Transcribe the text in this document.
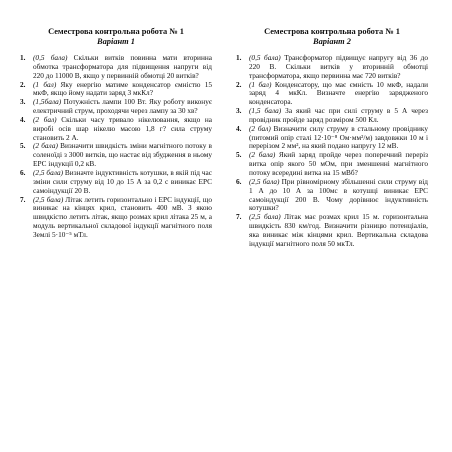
Семестрова контрольна робота № 1
Варіант 1
1. (0,5 бала) Скільки витків повинна мати вторинна обмотка трансформатора для підвищення напруги від 220 до 11000 В, якщо у первинній обмотці 20 витків?
2. (1 бал) Яку енергію матиме конденсатор ємністю 15 мкФ, якщо йому надати заряд 3 мкКл?
3. (1,5бала) Потужність лампи 100 Вт. Яку роботу виконує електричний струм, проходячи через лампу за 30 хв?
4. (2 бал) Скільки часу тривало нікелювання, якщо на виробі осів шар нікелю масою 1,8 г? сила струму становить 2 А.
5. (2 бала) Визначити швидкість зміни магнітного потоку в соленоїді з 3000 витків, що настає від збудження в ньому ЕРС індукції 0,2 кВ.
6. (2,5 бала) Визначте індуктивність котушки, в якій під час зміни сили струму від 10 до 15 А за 0,2 с виникає ЕРС самоіндукції 20 В.
7. (2,5 бала) Літак летить горизонтально і ЕРС індукції, що виникає на кінцях крил, становить 400 мВ. З якою швидкістю летить літак, якщо розмах крил літака 25 м, а модуль вертикальної складової індукції магнітного поля Землі 5·10⁻⁵ мТл.
Семестрова контрольна робота № 1
Варіант 2
1. (0,5 бала) Трансформатор підвищує напругу від 36 до 220 В. Скільки витків у вторинній обмотці трансформатора, якщо первинна має 720 витків?
2. (1 бал) Конденсатору, що має ємність 10 мкФ, надали заряд 4 мкКл. Визначте енергію зарядженого конденсатора.
3. (1,5 бала) За який час при силі струму в 5 А через провідник пройде заряд розміром 500 Кл.
4. (2 бал) Визначити силу струму в стальному провіднику (питомий опір сталі 12·10⁻⁸ Ом·мм²/м) завдовжки 10 м і перерізом 2 мм², на який подано напругу 12 мВ.
5. (2 бала) Який заряд пройде через поперечний переріз витка опір якого 50 мОм, при зменшенні магнітного потоку всередині витка на 15 мВб?
6. (2,5 бала) При рівномірному збільшенні сили струму від 1 А до 10 А за 100мс в котушці виникає ЕРС самоіндукції 200 В. Чому дорівнює індуктивність котушки?
7. (2,5 бала) Літак має розмах крил 15 м. горизонтальна швидкість 830 км/год. Визначити різницю потенціалів, яка виникає між кінцями крил. Вертикальна складова індукції магнітного поля 50 мкТл.
